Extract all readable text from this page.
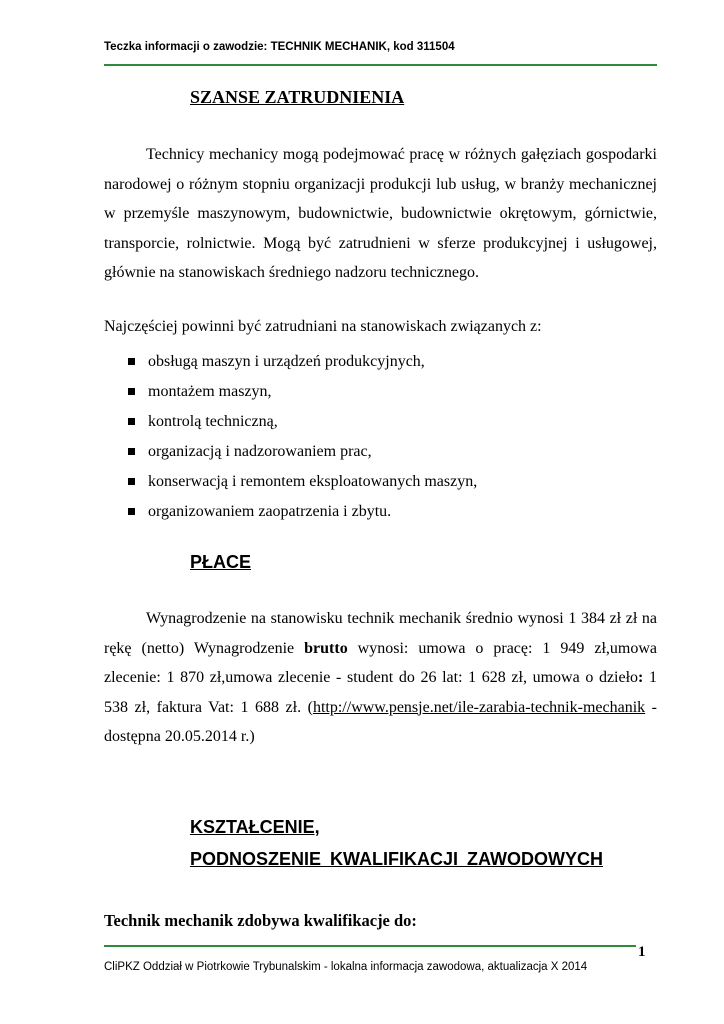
Teczka informacji o zawodzie: TECHNIK MECHANIK, kod 311504
SZANSE ZATRUDNIENIA
Technicy mechanicy mogą podejmować pracę w różnych gałęziach gospodarki narodowej o różnym stopniu organizacji produkcji lub usług, w branży mechanicznej w przemyśle maszynowym, budownictwie, budownictwie okrętowym, górnictwie, transporcie, rolnictwie. Mogą być zatrudnieni w sferze produkcyjnej i usługowej, głównie na stanowiskach średniego nadzoru technicznego.
Najczęściej powinni być zatrudniani na stanowiskach związanych z:
obsługą maszyn i urządzeń produkcyjnych,
montażem maszyn,
kontrolą techniczną,
organizacją i nadzorowaniem prac,
konserwacją i remontem eksploatowanych maszyn,
organizowaniem zaopatrzenia i zbytu.
PŁACE
Wynagrodzenie na stanowisku technik mechanik średnio wynosi 1 384 zł zł na rękę (netto) Wynagrodzenie brutto wynosi: umowa o pracę: 1 949 zł,umowa zlecenie: 1 870 zł,umowa zlecenie - student do 26 lat: 1 628 zł, umowa o dzieło: 1 538 zł, faktura Vat: 1 688 zł. (http://www.pensje.net/ile-zarabia-technik-mechanik - dostępna 20.05.2014 r.)
KSZTAŁCENIE,
PODNOSZENIE KWALIFIKACJI ZAWODOWYCH
Technik mechanik zdobywa kwalifikacje do:
1
CliPKZ Oddział w Piotrkowie Trybunalskim - lokalna informacja zawodowa, aktualizacja X 2014
